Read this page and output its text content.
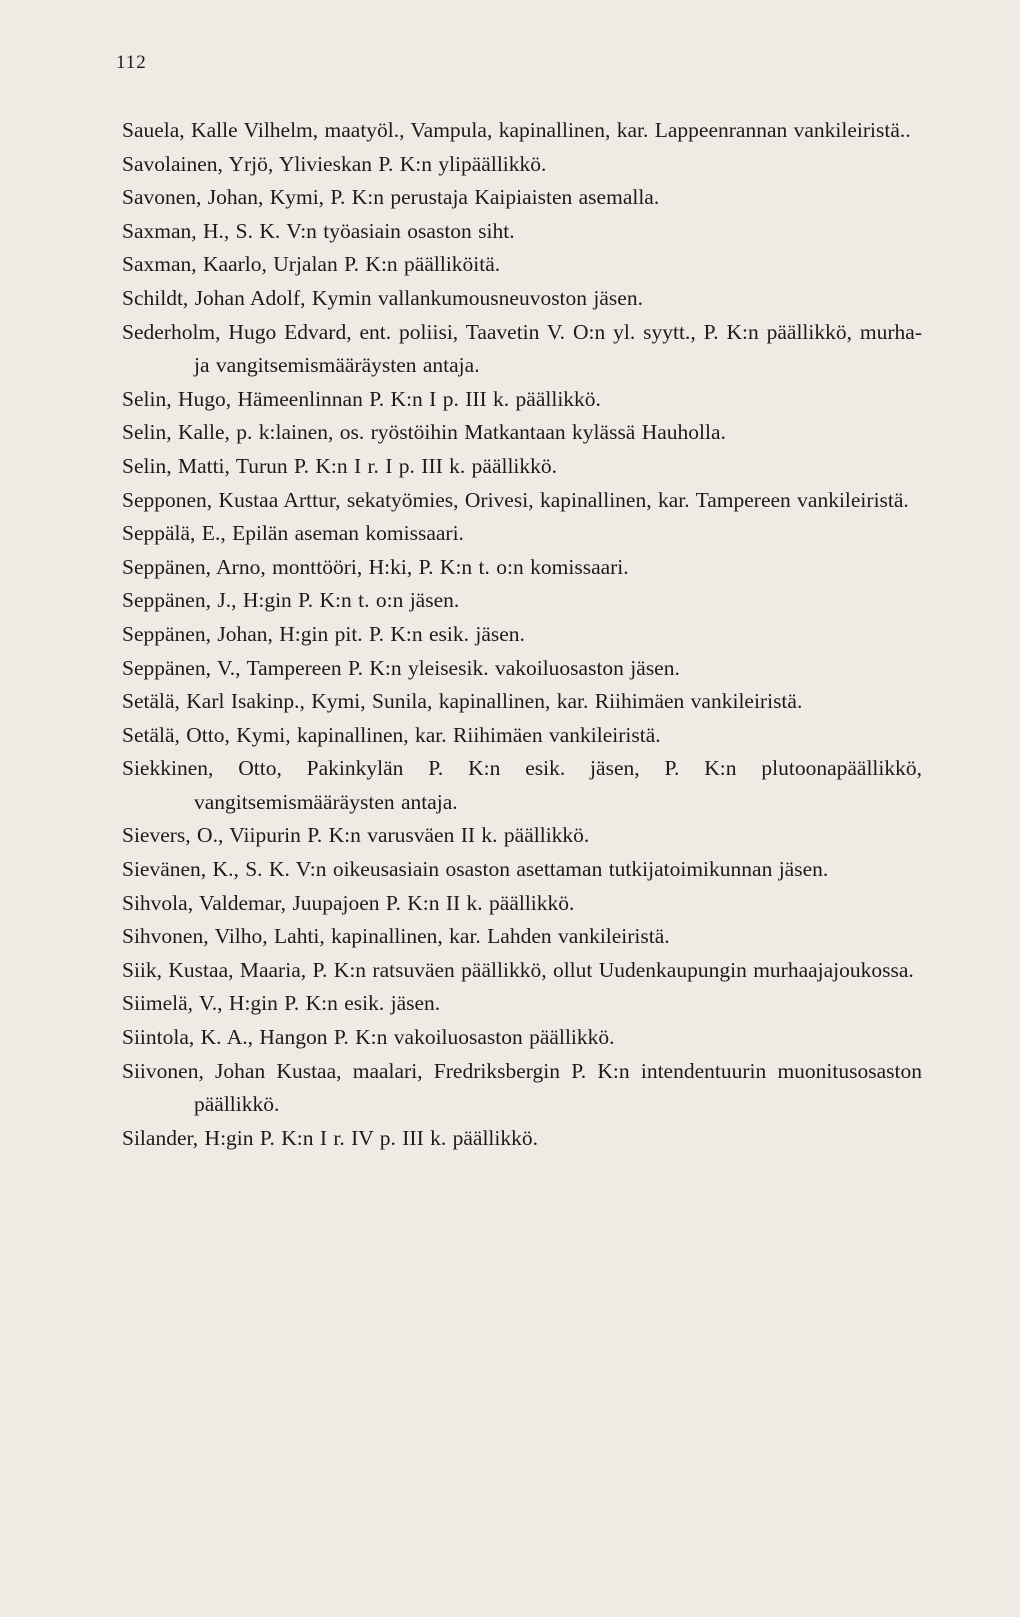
112
Sauela, Kalle Vilhelm, maatyöl., Vampula, kapinallinen, kar. Lappeenrannan vankileiristä..
Savolainen, Yrjö, Ylivieskan P. K:n ylipäällikkö.
Savonen, Johan, Kymi, P. K:n perustaja Kaipiaisten asemalla.
Saxman, H., S. K. V:n työasiain osaston siht.
Saxman, Kaarlo, Urjalan P. K:n päälliköitä.
Schildt, Johan Adolf, Kymin vallankumousneuvoston jäsen.
Sederholm, Hugo Edvard, ent. poliisi, Taavetin V. O:n yl. syytt., P. K:n päällikkö, murha- ja vangitsemismääräysten antaja.
Selin, Hugo, Hämeenlinnan P. K:n I p. III k. päällikkö.
Selin, Kalle, p. k:lainen, os. ryöstöihin Matkantaan kylässä Hauholla.
Selin, Matti, Turun P. K:n I r. I p. III k. päällikkö.
Sepponen, Kustaa Arttur, sekatyömies, Orivesi, kapinallinen, kar. Tampereen vankileiristä.
Seppälä, E., Epilän aseman komissaari.
Seppänen, Arno, monttööri, H:ki, P. K:n t. o:n komissaari.
Seppänen, J., H:gin P. K:n t. o:n jäsen.
Seppänen, Johan, H:gin pit. P. K:n esik. jäsen.
Seppänen, V., Tampereen P. K:n yleisesik. vakoiluosaston jäsen.
Setälä, Karl Isakinp., Kymi, Sunila, kapinallinen, kar. Riihimäen vankileiristä.
Setälä, Otto, Kymi, kapinallinen, kar. Riihimäen vankileiristä.
Siekkinen, Otto, Pakinkylän P. K:n esik. jäsen, P. K:n plutoonapäällikkö, vangitsemismääräysten antaja.
Sievers, O., Viipurin P. K:n varusväen II k. päällikkö.
Sievänen, K., S. K. V:n oikeusasiain osaston asettaman tutkijatoimikunnan jäsen.
Sihvola, Valdemar, Juupajoen P. K:n II k. päällikkö.
Sihvonen, Vilho, Lahti, kapinallinen, kar. Lahden vankileiristä.
Siik, Kustaa, Maaria, P. K:n ratsuväen päällikkö, ollut Uudenkaupungin murhaajajoukossa.
Siimelä, V., H:gin P. K:n esik. jäsen.
Siintola, K. A., Hangon P. K:n vakoiluosaston päällikkö.
Siivonen, Johan Kustaa, maalari, Fredriksbergin P. K:n intendentuurin muonitusosaston päällikkö.
Silander, H:gin P. K:n I r. IV p. III k. päällikkö.
